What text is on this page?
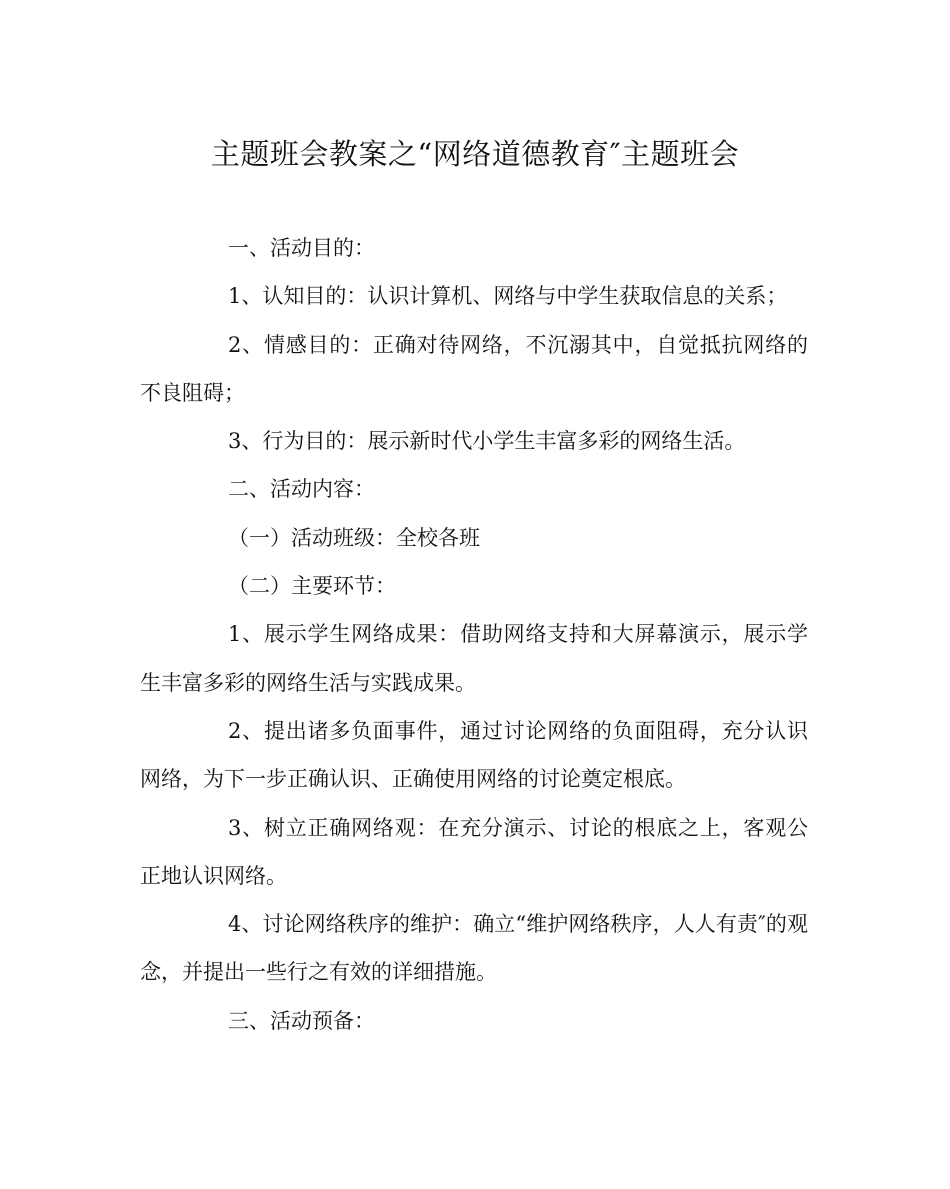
主题班会教案之“网络道德教育″主题班会

一、活动目的：

1、认知目的：认识计算机、网络与中学生获取信息的关系；

2、情感目的：正确对待网络，不沉溺其中，自觉抵抗网络的不良阻碍；

3、行为目的：展示新时代小学生丰富多彩的网络生活。

二、活动内容：

（一）活动班级：全校各班

（二）主要环节：

1、展示学生网络成果：借助网络支持和大屏幕演示，展示学生丰富多彩的网络生活与实践成果。

2、提出诸多负面事件，通过讨论网络的负面阻碍，充分认识网络，为下一步正确认识、正确使用网络的讨论奠定根底。

3、树立正确网络观：在充分演示、讨论的根底之上，客观公正地认识网络。

4、讨论网络秩序的维护：确立“维护网络秩序，人人有责″的观念，并提出一些行之有效的详细措施。

三、活动预备：
